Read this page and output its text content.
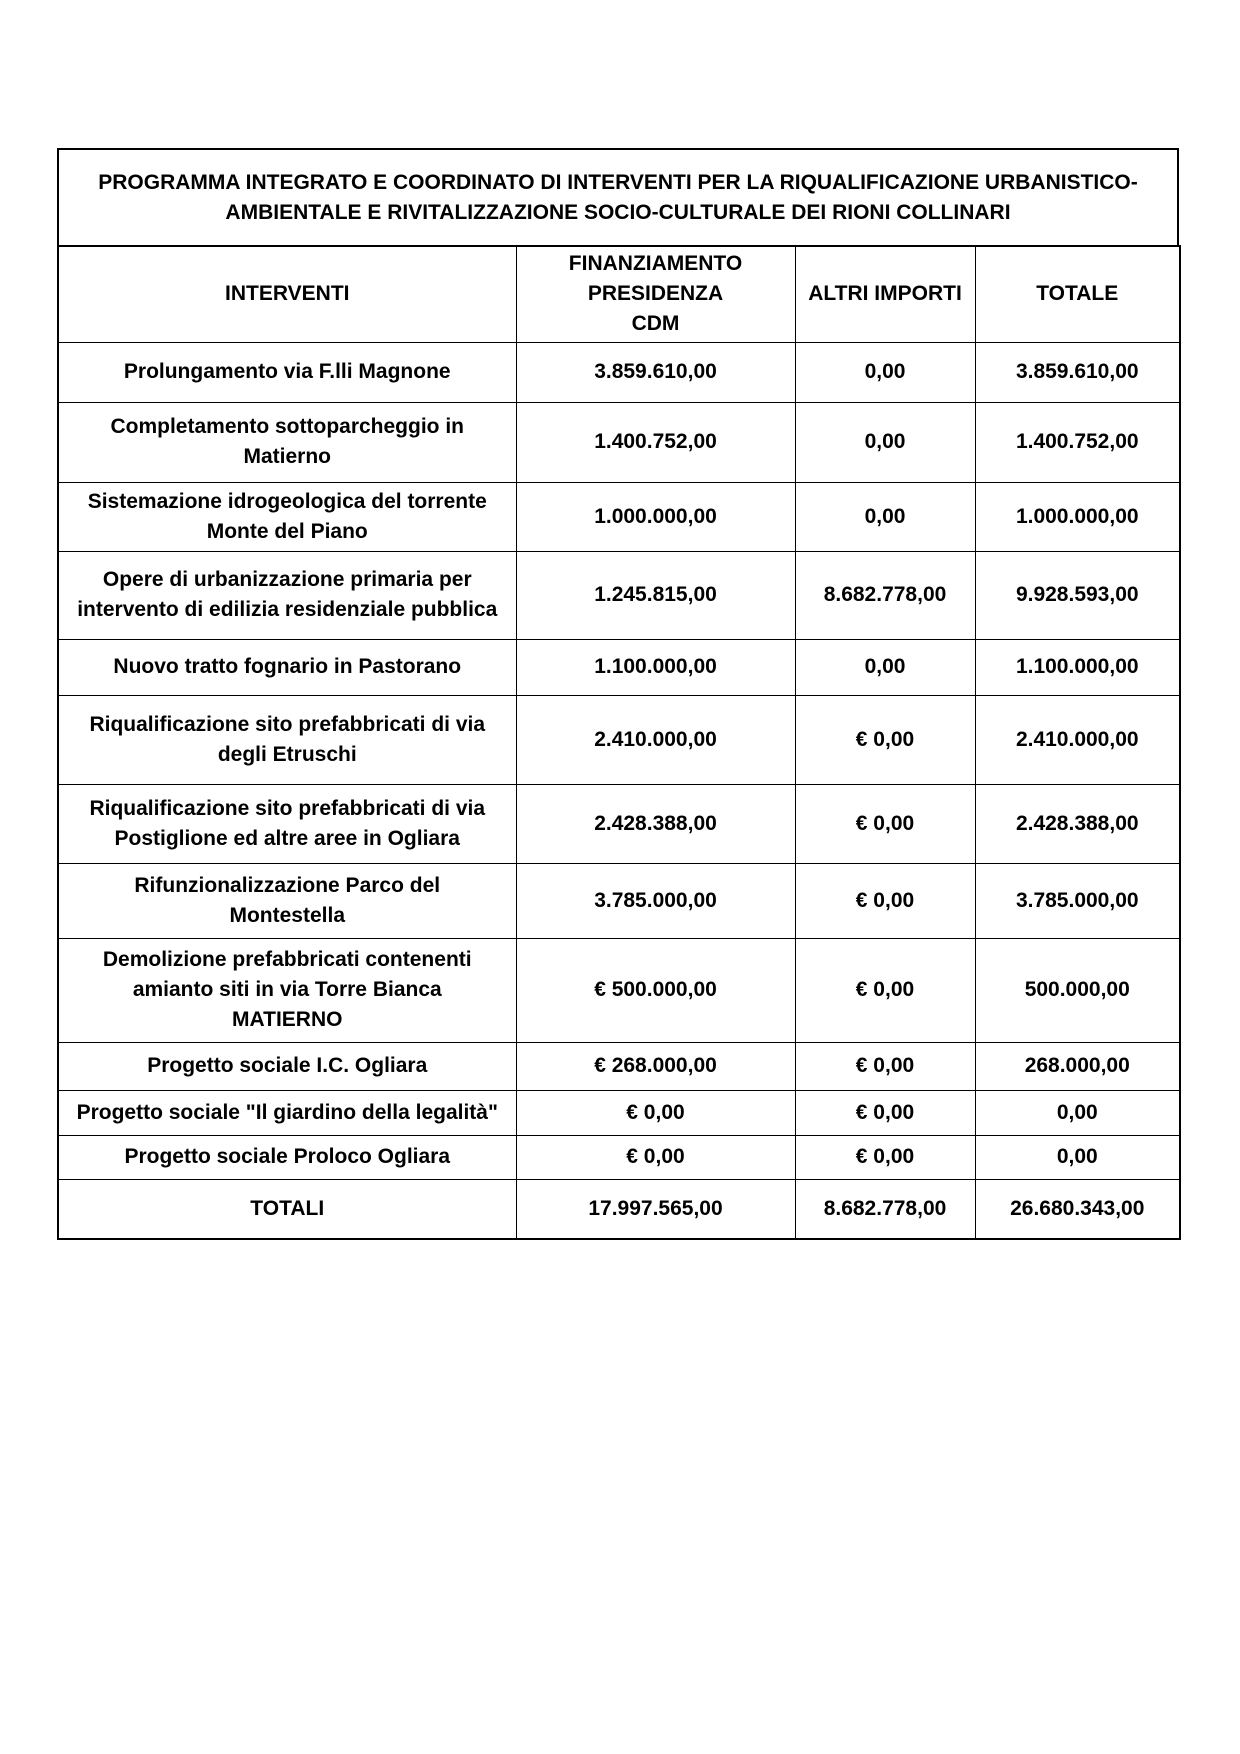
PROGRAMMA INTEGRATO E COORDINATO DI INTERVENTI PER LA RIQUALIFICAZIONE URBANISTICO-AMBIENTALE E RIVITALIZZAZIONE SOCIO-CULTURALE DEI RIONI COLLINARI
INTERVENTI	FINANZIAMENTO PRESIDENZA CDM	ALTRI IMPORTI	TOTALE
Prolungamento via F.lli Magnone	3.859.610,00	0,00	3.859.610,00
Completamento sottoparcheggio in Matierno	1.400.752,00	0,00	1.400.752,00
Sistemazione idrogeologica del torrente Monte del Piano	1.000.000,00	0,00	1.000.000,00
Opere di urbanizzazione primaria per intervento di edilizia residenziale pubblica	1.245.815,00	8.682.778,00	9.928.593,00
Nuovo tratto fognario in Pastorano	1.100.000,00	0,00	1.100.000,00
Riqualificazione sito prefabbricati di via degli Etruschi	2.410.000,00	€ 0,00	2.410.000,00
Riqualificazione sito prefabbricati di via Postiglione ed altre aree in Ogliara	2.428.388,00	€ 0,00	2.428.388,00
Rifunzionalizzazione Parco del Montestella	3.785.000,00	€ 0,00	3.785.000,00
Demolizione prefabbricati contenenti amianto siti in via Torre Bianca MATIERNO	€ 500.000,00	€ 0,00	500.000,00
Progetto sociale I.C. Ogliara	€ 268.000,00	€ 0,00	268.000,00
Progetto sociale "Il giardino della legalità"	€ 0,00	€ 0,00	0,00
Progetto sociale Proloco Ogliara	€ 0,00	€ 0,00	0,00
TOTALI	17.997.565,00	8.682.778,00	26.680.343,00
